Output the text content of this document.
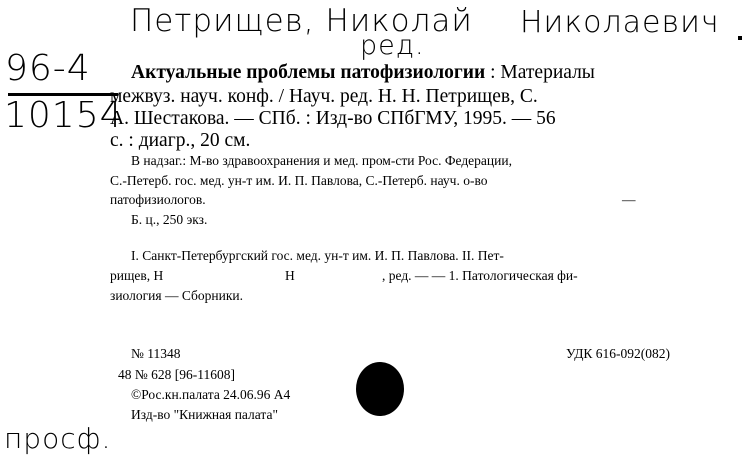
Петрищев, Николай Николаевич
ред.
96-4
10154
просф.
Актуальные проблемы патофизиологии : Материалы
межвуз. науч. конф. / Науч. ред. Н. Н. Петрищев, С.
А. Шестакова. — СПб. : Изд-во СПбГМУ, 1995. — 56
с. : диагр., 20 см.
В надзаг.: М-во здравоохранения и мед. пром-сти Рос. Федерации,
С.-Петерб. гос. мед. ун-т им. И. П. Павлова, С.-Петерб. науч. о-во
патофизиологов.	—
Б. ц., 250 экз.
I. Санкт-Петербургский гос. мед. ун-т им. И. П. Павлова. II. Пет-
рищев, Н	Н	, ред. — — 1. Патологическая фи-
зиология — Сборники.
№ 11348	УДК 616-092(082)
48 № 628 [96-11608]
©Рос.кн.палата 24.06.96 А4
Изд-во "Книжная палата"
